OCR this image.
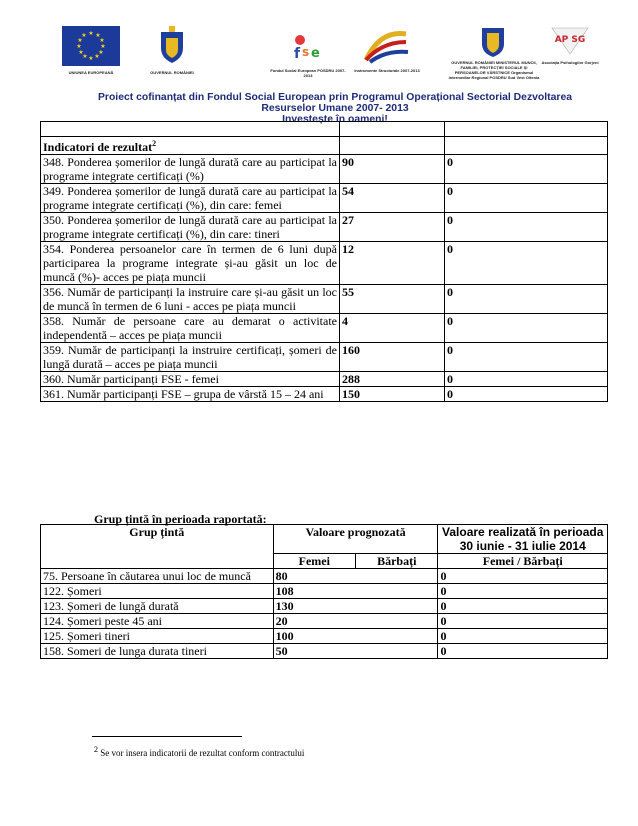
★ ★
★
★
★
★
★
★
★
★
★
★
UNIUNEA EUROPEANĂ	GUVERNUL ROMÂNIEI
f s e
Fondul Social European POSDRU 2007-2013
Instrumente Structurale 2007-2013
GUVERNUL ROMÂNIEI MINISTERUL MUNCII, FAMILIEI, PROTECȚIEI SOCIALE ȘI PERSOANELOR VÂRSTNICE Organismul Intermediar Regional POSDRU Sud Vest Oltenia
AP SG
Asociația Psihologilor Gorjeni
Proiect cofinanțat din Fondul Social European prin Programul Operațional Sectorial Dezvoltarea Resurselor Umane 2007- 2013
Investește în oameni!

Indicatori de rezultat$^2$		
348. Ponderea șomerilor de lungă durată care au participat la programe integrate certificați (%)	90	0
349. Ponderea șomerilor de lungă durată care au participat la programe integrate certificați (%), din care: femei	54	0
350. Ponderea șomerilor de lungă durată care au participat la programe integrate certificați (%), din care: tineri	27	0
354. Ponderea persoanelor care în termen de 6 luni după participarea la programe integrate și-au găsit un loc de muncă (%)- acces pe piața muncii	12	0
356. Număr de participanți la instruire care și-au găsit un loc de muncă în termen de 6 luni - acces pe piața muncii	55	0
358. Număr de persoane care au demarat o activitate independentă – acces pe piața muncii	4	0
359. Număr de participanți la instruire certificați, șomeri de lungă durată – acces pe piața muncii	160	0
360. Număr participanți FSE - femei	288	0
361. Număr participanți FSE – grupa de vârstă 15 – 24 ani	150	0
Grup țintă în perioada raportată:
Grup țintă	Valoare prognozată		Valoare realizată în perioada 30 iunie - 31 iulie 2014
	Femei	Bărbați	Femei / Bărbați
75. Persoane în căutarea unui loc de muncă	80		0
122. Șomeri	108		0
123. Șomeri de lungă durată	130		0
124. Șomeri peste 45 ani	20		0
125. Șomeri tineri	100		0
158. Someri de lunga durata tineri	50		0
$^2$ Se vor insera indicatorii de rezultat conform contractului
